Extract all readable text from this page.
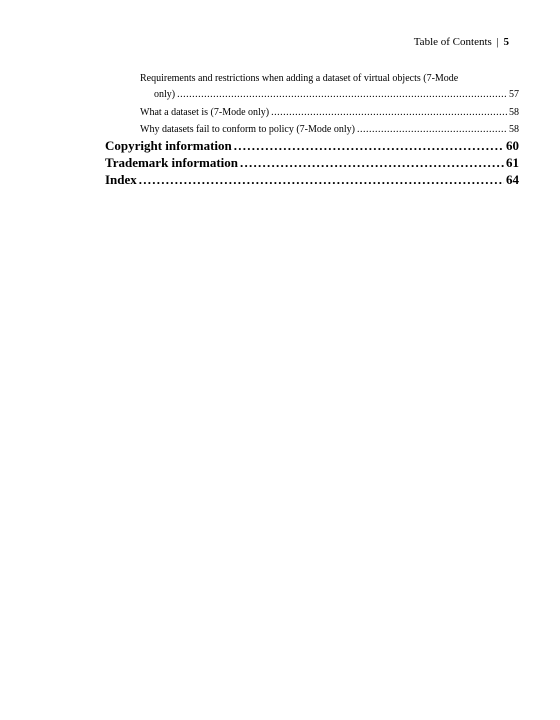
Table of Contents | 5
Requirements and restrictions when adding a dataset of virtual objects (7-Mode
only) . . .	57
What a dataset is (7-Mode only) . . .	58
Why datasets fail to conform to policy (7-Mode only) . . .	58
Copyright information . . .	60
Trademark information . . .	61
Index . . .	64
